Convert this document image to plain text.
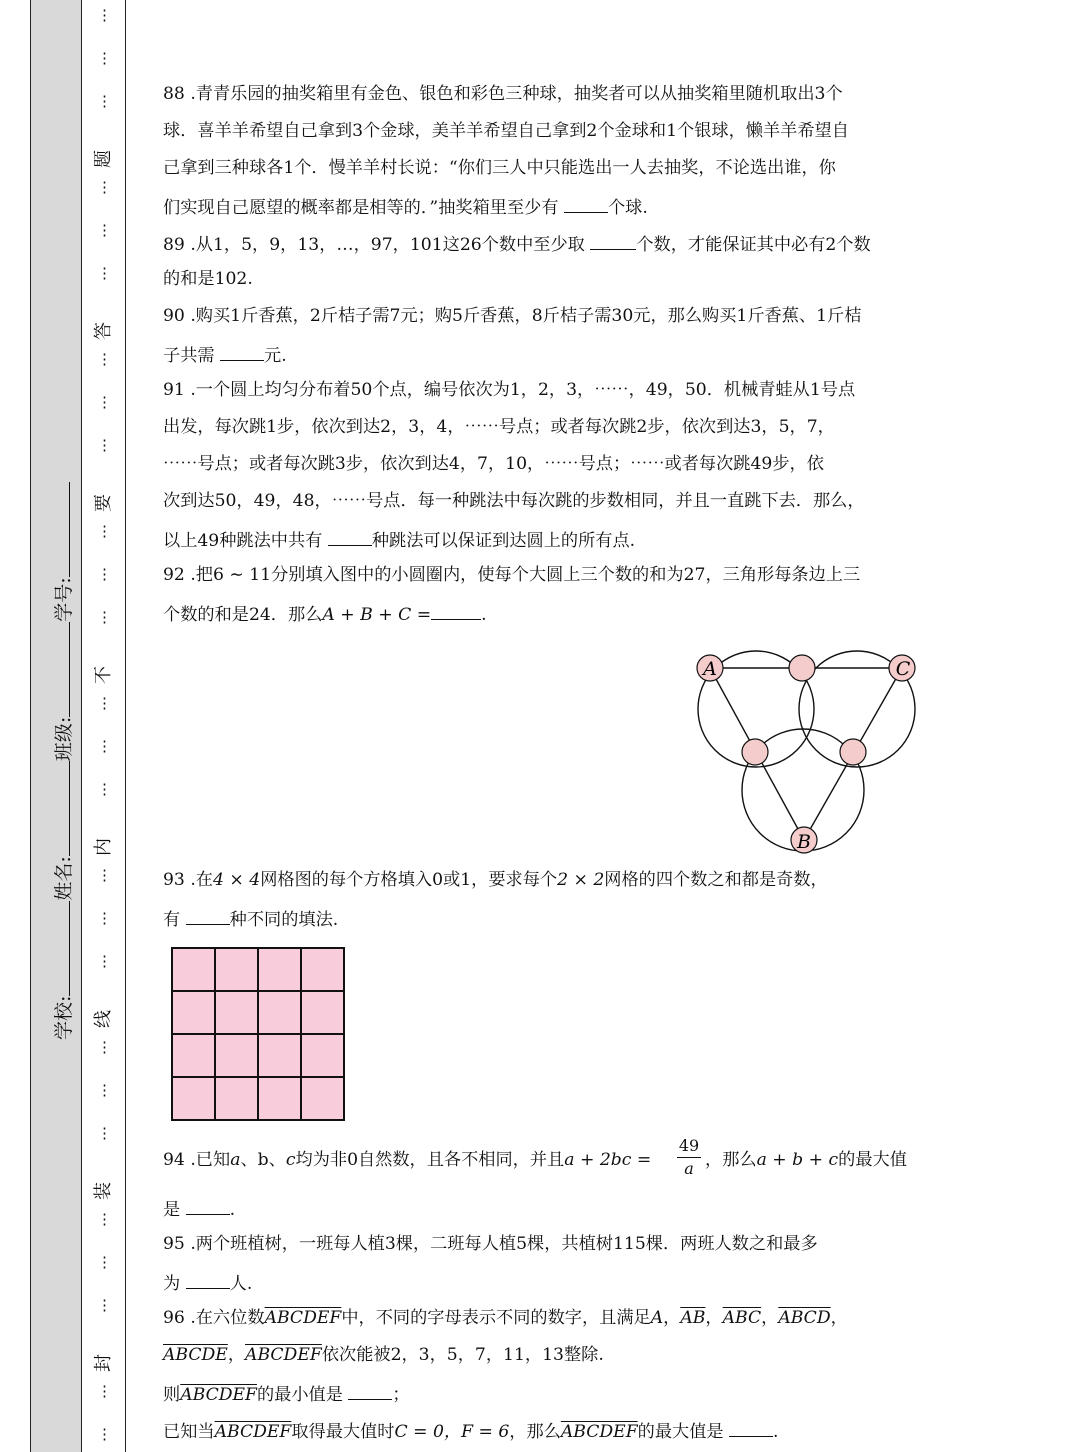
学校:姓名:班级:学号:
⋮
⋮
⋮
⋮
⋮
⋮
⋮
⋮
⋮
⋮
⋮
⋮
⋮
⋮
⋮
⋮
⋮
⋮
⋮
⋮
⋮
⋮
⋮
⋮
⋮
⋮
题
答
要
不
内
线
装
封
88 .青青乐园的抽奖箱里有金色、银色和彩色三种球，抽奖者可以从抽奖箱里随机取出3个
球．喜羊羊希望自己拿到3个金球，美羊羊希望自己拿到2个金球和1个银球，懒羊羊希望自
己拿到三种球各1个．慢羊羊村长说：“你们三人中只能选出一人去抽奖，不论选出谁，你
们实现自己愿望的概率都是相等的．”抽奖箱里至少有	个球.
89 .从1，5，9，13，…，97，101这26个数中至少取	个数，才能保证其中必有2个数
的和是102.
90 .购买1斤香蕉，2斤桔子需7元；购5斤香蕉，8斤桔子需30元，那么购买1斤香蕉、1斤桔
子共需	元.
91 .一个圆上均匀分布着50个点，编号依次为1，2，3，⋯⋯，49，50．机械青蛙从1号点
出发，每次跳1步，依次到达2，3，4，⋯⋯号点；或者每次跳2步，依次到达3，5，7，
⋯⋯号点；或者每次跳3步，依次到达4，7，10，⋯⋯号点；⋯⋯或者每次跳49步，依
次到达50，49，48，⋯⋯号点．每一种跳法中每次跳的步数相同，并且一直跳下去．那么，
以上49种跳法中共有	种跳法可以保证到达圆上的所有点.
92 .把6 ∼ 11分别填入图中的小圆圈内，使每个大圆上三个数的和为27，三角形每条边上三
个数的和是24．那么A + B + C =	.
A	C
B
93 .在4 × 4网格图的每个方格填入0或1，要求每个2 × 2网格的四个数之和都是奇数，
有	种不同的填法.
94 .已知a、b、c均为非0自然数，且各不相同，并且$a + 2bc = \frac{49}{a}$ ，那么a + b + c的最大值
是	.
95 .两个班植树，一班每人植3棵，二班每人植5棵，共植树115棵．两班人数之和最多
为	人.
96 .在六位数ABCDEF中，不同的字母表示不同的数字，且满足A，$\overline{AB}$，$\overline{ABC}$，ABCD，
ABCDE，ABCDEF依次能被2，3，5，7，11，13整除.
则ABCDEF的最小值是	；
已知当ABCDEF取得最大值时C = 0，F = 6，那么ABCDEF的最大值是	.
